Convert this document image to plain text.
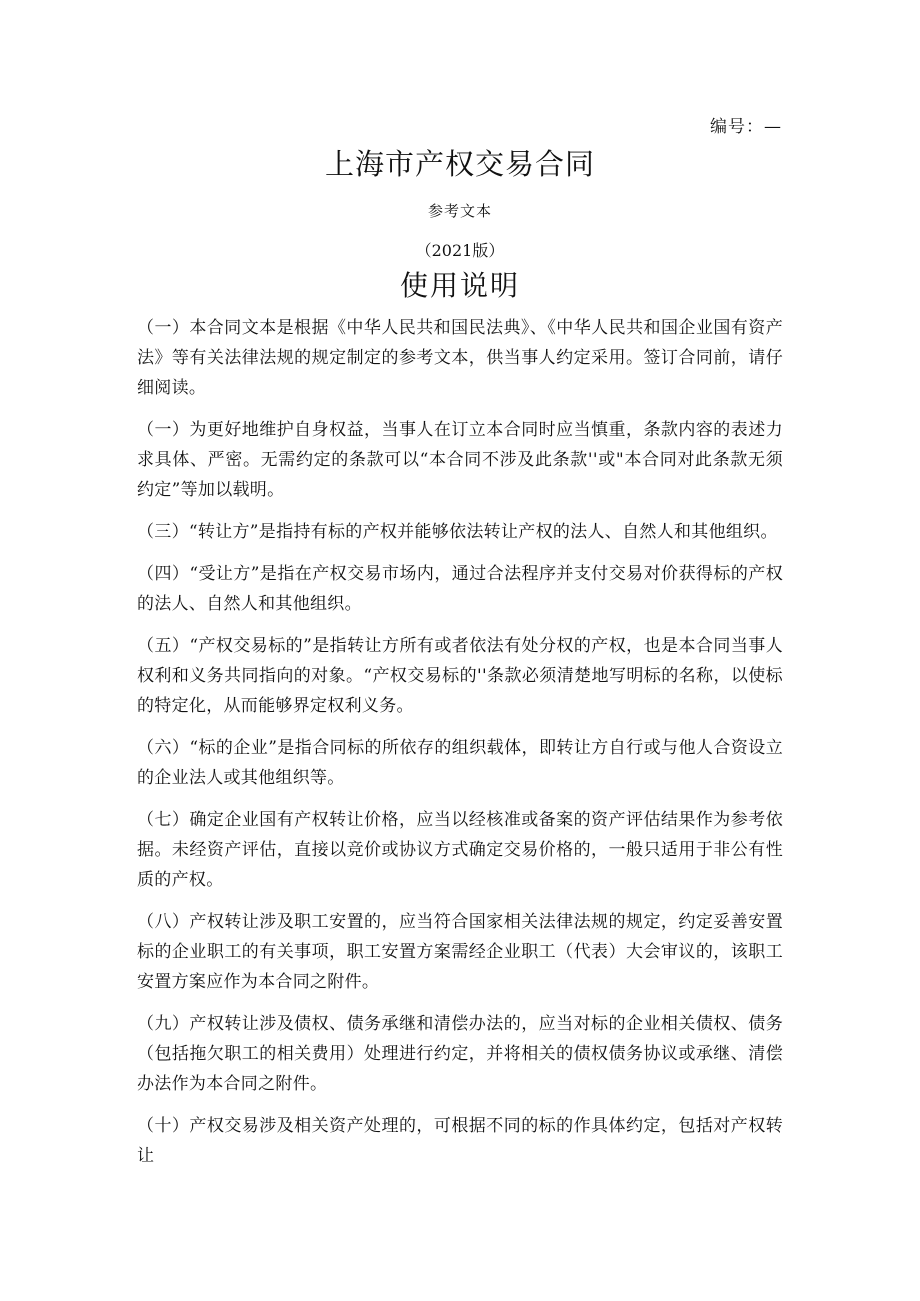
编号：—
上海市产权交易合同
参考文本
（2021版）
使用说明

（一）本合同文本是根据《中华人民共和国民法典》、《中华人民共和国企业国有资产法》等有关法律法规的规定制定的参考文本，供当事人约定采用。签订合同前，请仔细阅读。

（一）为更好地维护自身权益，当事人在订立本合同时应当慎重，条款内容的表述力求具体、严密。无需约定的条款可以“本合同不涉及此条款''或"本合同对此条款无须约定”等加以载明。

（三）“转让方”是指持有标的产权并能够依法转让产权的法人、自然人和其他组织。

（四）“受让方”是指在产权交易市场内，通过合法程序并支付交易对价获得标的产权的法人、自然人和其他组织。

（五）“产权交易标的”是指转让方所有或者依法有处分权的产权，也是本合同当事人权利和义务共同指向的对象。“产权交易标的''条款必须清楚地写明标的名称，以使标的特定化，从而能够界定权利义务。

（六）“标的企业”是指合同标的所依存的组织载体，即转让方自行或与他人合资设立的企业法人或其他组织等。

（七）确定企业国有产权转让价格，应当以经核准或备案的资产评估结果作为参考依据。未经资产评估，直接以竞价或协议方式确定交易价格的，一般只适用于非公有性质的产权。

（八）产权转让涉及职工安置的，应当符合国家相关法律法规的规定，约定妥善安置标的企业职工的有关事项，职工安置方案需经企业职工（代表）大会审议的，该职工安置方案应作为本合同之附件。

（九）产权转让涉及债权、债务承继和清偿办法的，应当对标的企业相关债权、债务（包括拖欠职工的相关费用）处理进行约定，并将相关的债权债务协议或承继、清偿办法作为本合同之附件。

（十）产权交易涉及相关资产处理的，可根据不同的标的作具体约定，包括对产权转让
